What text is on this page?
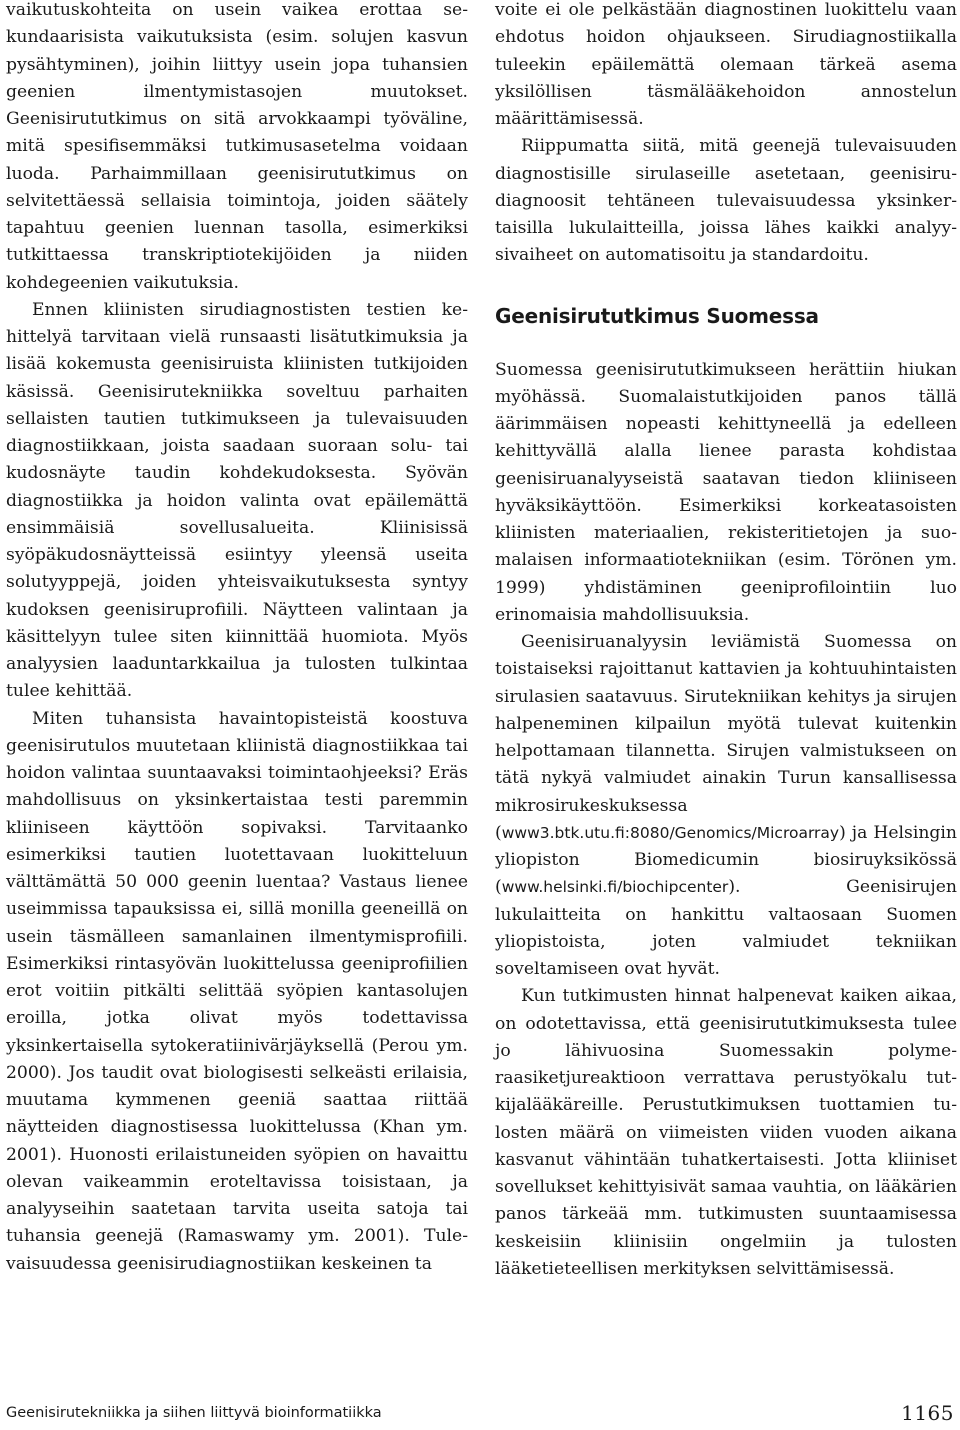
vaikutuskohteita on usein vaikea erottaa sekundaarisista vaikutuksista (esim. solujen kasvun pysähtyminen), joihin liittyy usein jopa tuhansien geenien ilmentymistasojen muutokset. Geenisirututkimus on sitä arvokkaampi työväline, mitä spesifisemmäksi tutkimusasetelma voidaan luoda. Parhaimmillaan geenisirututkimus on selvitettäessä sellaisia toimintoja, joiden säätely tapahtuu geenien luennan tasolla, esimerkiksi tutkittaessa transkriptiotekijöiden ja niiden kohdegeenien vaikutuksia.

Ennen kliinisten sirudiagnostisten testien kehittelyä tarvitaan vielä runsaasti lisätutkimuksia ja lisää kokemusta geenisiruista kliinisten tutkijoiden käsissä. Geenisirutekniikka soveltuu parhaiten sellaisten tautien tutkimukseen ja tulevaisuuden diagnostiikkaan, joista saadaan suoraan solu- tai kudosnäyte taudin kohdekudoksesta. Syövän diagnostiikka ja hoidon valinta ovat epäilemättä ensimmäisiä sovellusalueita. Kliinisissä syöpäkudosnäytteissä esiintyy yleensä useita solutyyppejä, joiden yhteisvaikutuksesta syntyy kudoksen geenisiruprofiili. Näytteen valintaan ja käsittelyyn tulee siten kiinnittää huomiota. Myös analyysien laaduntarkkailua ja tulosten tulkintaa tulee kehittää.

Miten tuhansista havaintopisteistä koostuva geenisirutulos muutetaan kliinistä diagnostiikkaa tai hoidon valintaa suuntaavaksi toimintaohjeeksi? Eräs mahdollisuus on yksinkertaistaa testi paremmin kliiniseen käyttöön sopivaksi. Tarvitaanko esimerkiksi tautien luotettavaan luokitteluun välttämättä 50 000 geenin luentaa? Vastaus lienee useimmissa tapauksissa ei, sillä monilla geeneillä on usein täsmälleen samanlainen ilmentymisprofiili. Esimerkiksi rintasyövän luokittelussa geeniprofiilien erot voitiin pitkälti selittää syöpien kantasolujen eroilla, jotka olivat myös todettavissa yksinkertaisella sytokeratiinivärjäyksellä (Perou ym. 2000). Jos taudit ovat biologisesti selkeästi erilaisia, muutama kymmenen geeniä saattaa riittää näytteiden diagnostisessa luokittelussa (Khan ym. 2001). Huonosti erilaistuneiden syöpien on havaittu olevan vaikeammin eroteltavissa toisistaan, ja analyyseihin saatetaan tarvita useita satoja tai tuhansia geenejä (Ramaswamy ym. 2001). Tulevaisuudessa geenisirudiagnostiikan keskeinen ta

voite ei ole pelkästään diagnostinen luokittelu vaan ehdotus hoidon ohjaukseen. Sirudiagnostiikalla tuleekin epäilemättä olemaan tärkeä asema yksilöllisen täsmälääkehoidon annostelun määrittämisessä.

Riippumatta siitä, mitä geenejä tulevaisuuden diagnostisille sirulaseille asetetaan, geenisirudiagnoosit tehtäneen tulevaisuudessa yksinkertaisilla lukulaitteilla, joissa lähes kaikki analyysivaiheet on automatisoitu ja standardoitu.

Geenisirututkimus Suomessa

Suomessa geenisirututkimukseen herättiin hiukan myöhässä. Suomalaistutkijoiden panos tällä äärimmäisen nopeasti kehittyneellä ja edelleen kehittyvällä alalla lienee parasta kohdistaa geenisiruanalyyseistä saatavan tiedon kliiniseen hyväksikäyttöön. Esimerkiksi korkeatasoisten kliinisten materiaalien, rekisteritietojen ja suomalaisen informaatiotekniikan (esim. Törönen ym. 1999) yhdistäminen geeniprofilointiin luo erinomaisia mahdollisuuksia.

Geenisiruanalyysin leviämistä Suomessa on toistaiseksi rajoittanut kattavien ja kohtuuhintaisten sirulasien saatavuus. Sirutekniikan kehitys ja sirujen halpeneminen kilpailun myötä tulevat kuitenkin helpottamaan tilannetta. Sirujen valmistukseen on tätä nykyä valmiudet ainakin Turun kansallisessa mikrosirukeskuksessa (www3.btk.utu.fi:8080/Genomics/Microarray) ja Helsingin yliopiston Biomedicumin biosiruyksikössä (www.helsinki.fi/biochipcenter). Geenisirujen lukulaitteita on hankittu valtaosaan Suomen yliopistoista, joten valmiudet tekniikan soveltamiseen ovat hyvät.

Kun tutkimusten hinnat halpenevat kaiken aikaa, on odotettavissa, että geenisirututkimuksesta tulee jo lähivuosina Suomessakin polymeraasiketjureaktioon verrattava perustyökalu tutkijalääkäreille. Perustutkimuksen tuottamien tulosten määrä on viimeisten viiden vuoden aikana kasvanut vähintään tuhatkertaisesti. Jotta kliiniset sovellukset kehittyisivät samaa vauhtia, on lääkärien panos tärkeää mm. tutkimusten suuntaamisessa keskeisiin kliinisiin ongelmiin ja tulosten lääketieteellisen merkityksen selvittämisessä.

Geenisirutekniikka ja siihen liittyvä bioinformatiikka	1165
